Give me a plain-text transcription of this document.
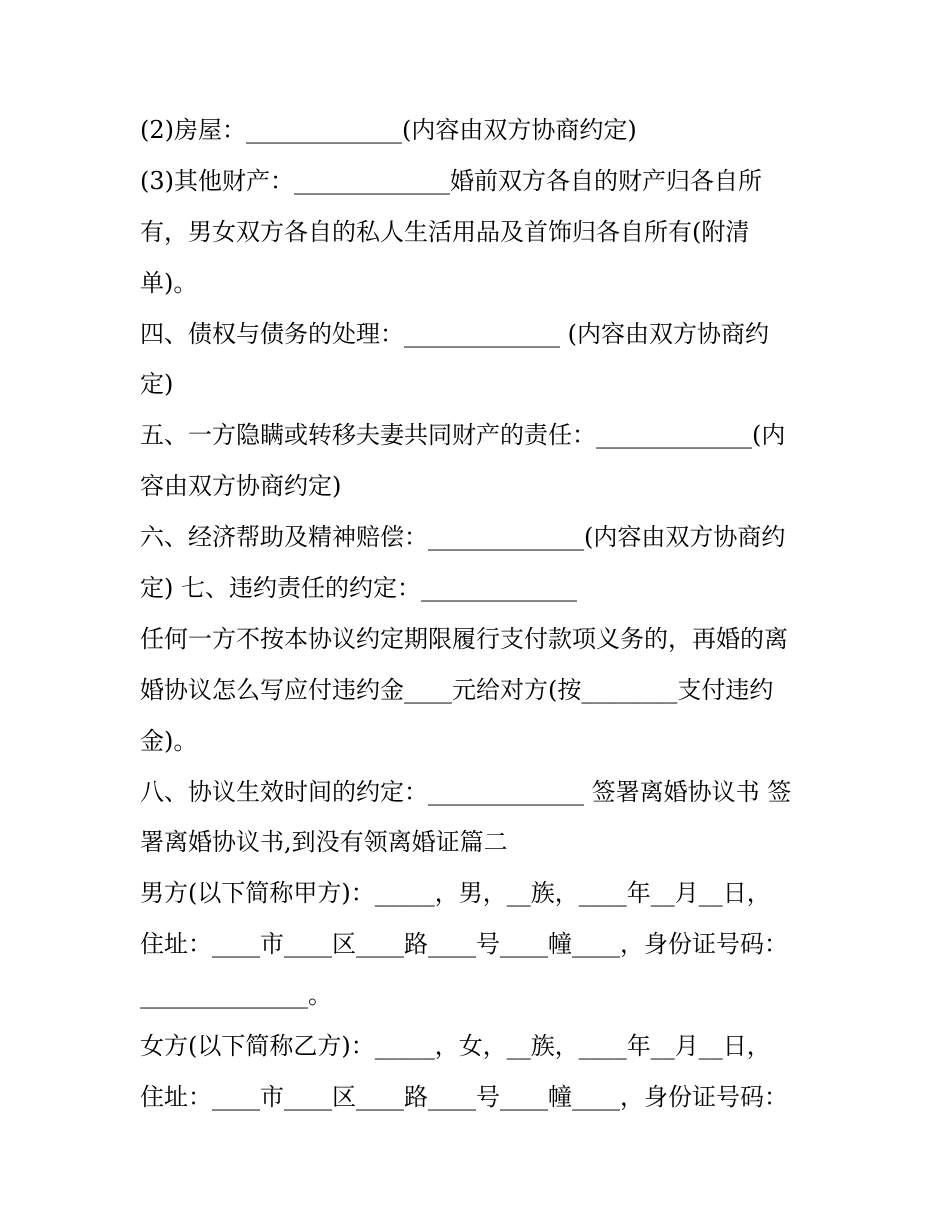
(2)房屋：_____________(内容由双方协商约定)
(3)其他财产：_____________婚前双方各自的财产归各自所
有，男女双方各自的私人生活用品及首饰归各自所有(附清
单)。
四、债权与债务的处理：_____________ (内容由双方协商约
定)
五、一方隐瞒或转移夫妻共同财产的责任：_____________(内
容由双方协商约定)
六、经济帮助及精神赔偿：_____________(内容由双方协商约
定) 七、违约责任的约定：_____________
任何一方不按本协议约定期限履行支付款项义务的，再婚的离
婚协议怎么写应付违约金____元给对方(按________支付违约
金)。
八、协议生效时间的约定：_____________ 签署离婚协议书 签
署离婚协议书,到没有领离婚证篇二
男方(以下简称甲方)：_____，男，__族，____年__月__日，
住址：____市____区____路____号____幢____，身份证号码：
______________。
女方(以下简称乙方)：_____，女，__族，____年__月__日，
住址：____市____区____路____号____幢____，身份证号码：
